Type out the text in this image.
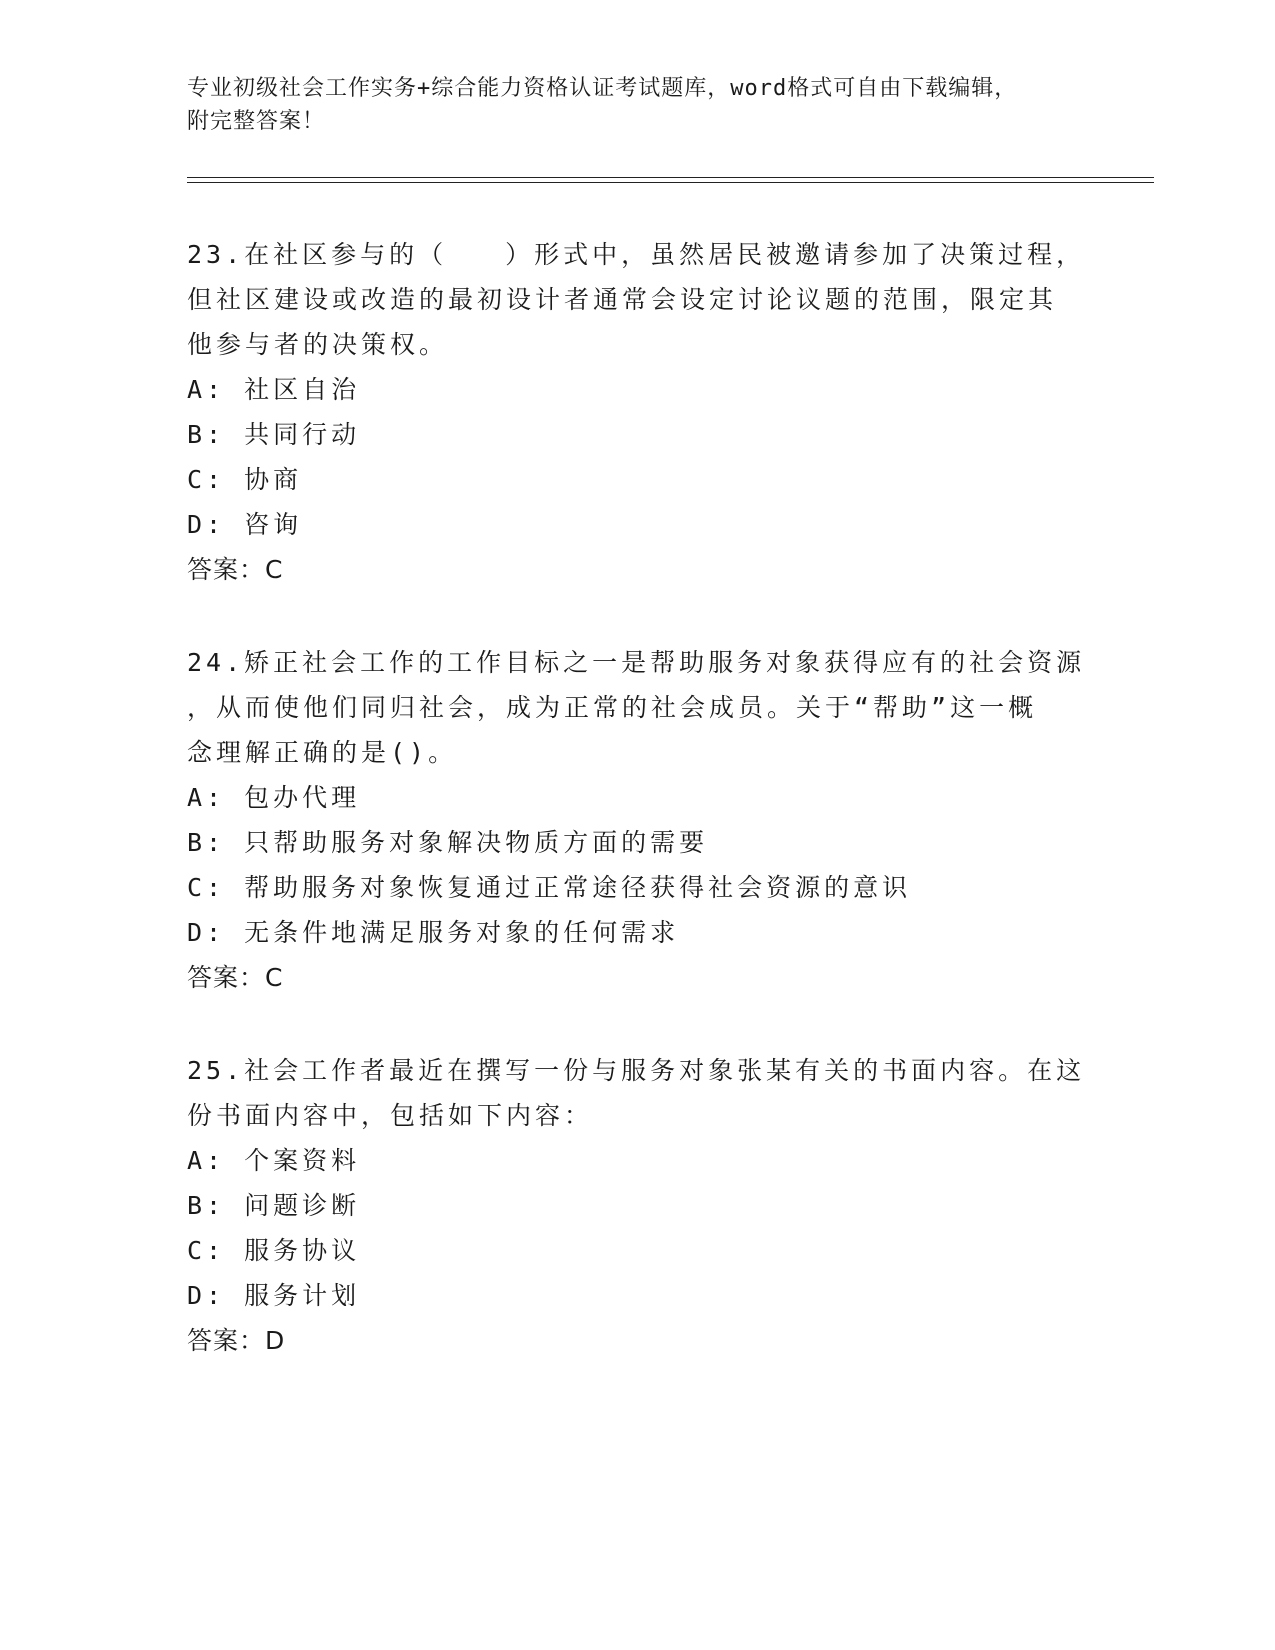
专业初级社会工作实务+综合能力资格认证考试题库，word格式可自由下载编辑，
附完整答案！
23.在社区参与的（　　）形式中，虽然居民被邀请参加了决策过程，
但社区建设或改造的最初设计者通常会设定讨论议题的范围，限定其
他参与者的决策权。
A: 社区自治
B: 共同行动
C: 协商
D: 咨询
答案：C
24.矫正社会工作的工作目标之一是帮助服务对象获得应有的社会资源
，从而使他们同归社会，成为正常的社会成员。关于“帮助”这一概
念理解正确的是()。
A: 包办代理
B: 只帮助服务对象解决物质方面的需要
C: 帮助服务对象恢复通过正常途径获得社会资源的意识
D: 无条件地满足服务对象的任何需求
答案：C
25.社会工作者最近在撰写一份与服务对象张某有关的书面内容。在这
份书面内容中，包括如下内容：
A: 个案资料
B: 问题诊断
C: 服务协议
D: 服务计划
答案：D
